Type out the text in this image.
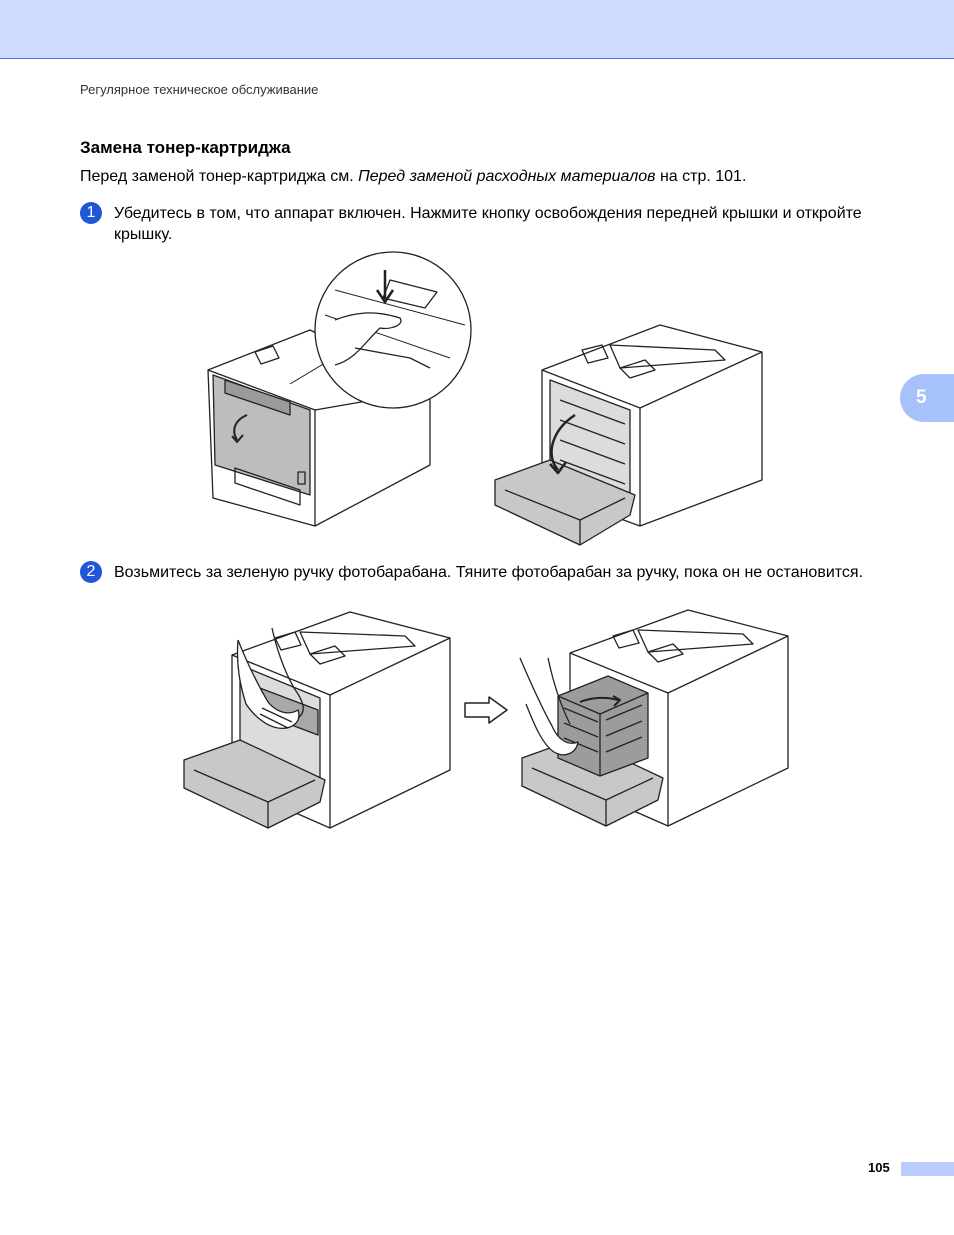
Регулярное техническое обслуживание
Замена тонер-картриджа
Перед заменой тонер-картриджа см. Перед заменой расходных материалов на стр. 101.
1	Убедитесь в том, что аппарат включен. Нажмите кнопку освобождения передней крышки и откройте крышку.
5
2	Возьмитесь за зеленую ручку фотобарабана. Тяните фотобарабан за ручку, пока он не остановится.
105
